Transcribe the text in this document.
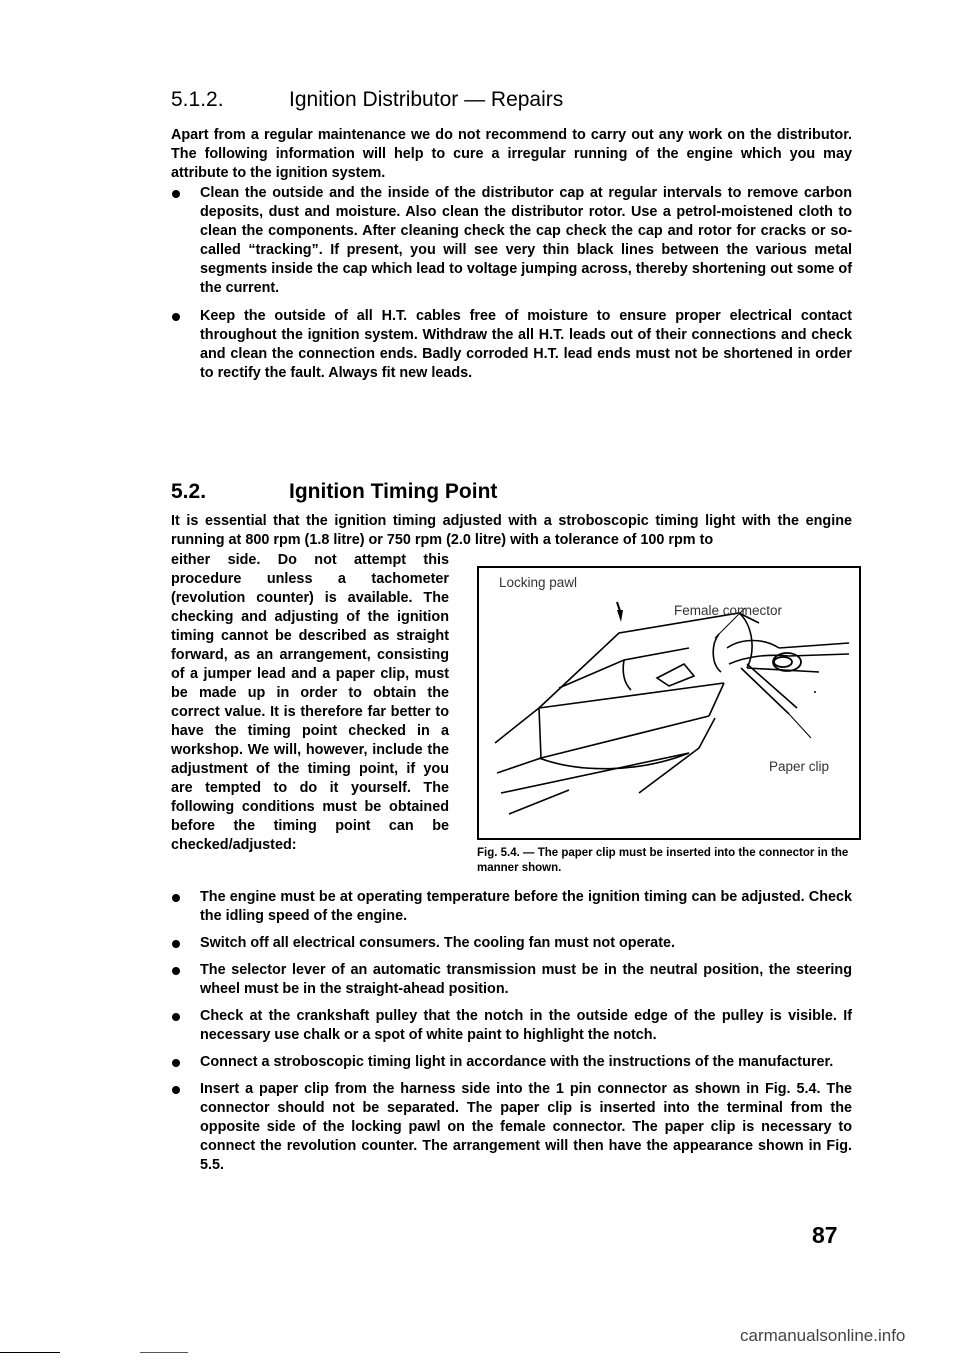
5.1.2.	Ignition Distributor — Repairs

Apart from a regular maintenance we do not recommend to carry out any work on the distributor. The following information will help to cure a irregular running of the engine which you may attribute to the ignition system.

Clean the outside and the inside of the distributor cap at regular intervals to remove carbon deposits, dust and moisture. Also clean the distributor rotor. Use a petrol-moistened cloth to clean the components. After cleaning check the cap check the cap and rotor for cracks or so-called “tracking”. If present, you will see very thin black lines between the various metal segments inside the cap which lead to voltage jumping across, thereby shortening out some of the current.
Keep the outside of all H.T. cables free of moisture to ensure proper electrical contact throughout the ignition system. Withdraw the all H.T. leads out of their connections and check and clean the connection ends. Badly corroded H.T. lead ends must not be shortened in order to rectify the fault. Always fit new leads.
5.2.	Ignition Timing Point

It is essential that the ignition timing adjusted with a stroboscopic timing light with the engine running at 800 rpm (1.8 litre) or 750 rpm (2.0 litre) with a tolerance of 100 rpm to

either side. Do not attempt this procedure unless a tachometer (revolution counter) is available. The checking and adjusting of the ignition timing cannot be described as straight forward, as an arrangement, consisting of a jumper lead and a paper clip, must be made up in order to obtain the correct value. It is therefore far better to have the timing point checked in a workshop. We will, however, include the adjustment of the timing point, if you are tempted to do it yourself. The following conditions must be obtained before the timing point can be checked/adjusted:

Locking pawl
Female connector
Paper clip
Fig. 5.4. — The paper clip must be inserted into the connector in the manner shown.
The engine must be at operating temperature before the ignition timing can be adjusted. Check the idling speed of the engine.
Switch off all electrical consumers. The cooling fan must not operate.
The selector lever of an automatic transmission must be in the neutral position, the steering wheel must be in the straight-ahead position.
Check at the crankshaft pulley that the notch in the outside edge of the pulley is visible. If necessary use chalk or a spot of white paint to highlight the notch.
Connect a stroboscopic timing light in accordance with the instructions of the manufacturer.
Insert a paper clip from the harness side into the 1 pin connector as shown in Fig. 5.4. The connector should not be separated. The paper clip is inserted into the terminal from the opposite side of the locking pawl on the female connector. The paper clip is necessary to connect the revolution counter. The arrangement will then have the appearance shown in Fig. 5.5.
87
carmanualsonline.info
